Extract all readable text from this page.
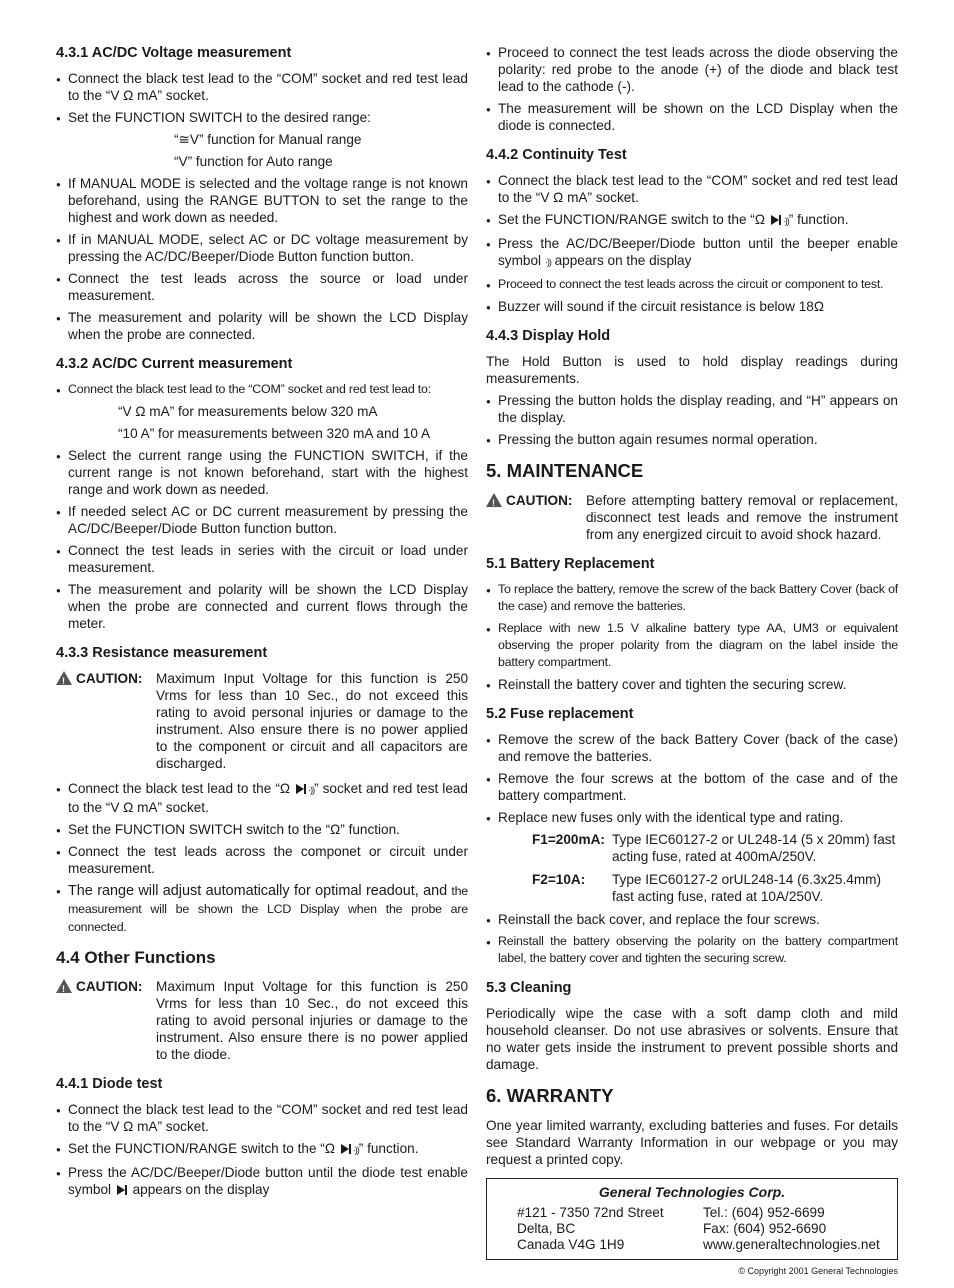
4.3.1 AC/DC Voltage measurement
● Connect the black test lead to the “COM” socket and red test lead to the “V Ω mA” socket.
● Set the FUNCTION SWITCH to the desired range:
“≅V” function for Manual range
“V” function for Auto range
● If MANUAL MODE is selected and the voltage range is not known beforehand, using the RANGE BUTTON to set the range to the highest and work down as needed.
● If in MANUAL MODE, select AC or DC voltage measurement by pressing the AC/DC/Beeper/Diode Button function button.
● Connect the test leads across the source or load under measurement.
● The measurement and polarity will be shown the LCD Display when the probe are connected.
4.3.2 AC/DC Current measurement
● Connect the black test lead to the “COM” socket and red test lead to:
“V Ω mA” for measurements below 320 mA
“10 A” for measurements between 320 mA and 10 A
● Select the current range using the FUNCTION SWITCH, if the current range is not known beforehand, start with the highest range and work down as needed.
● If needed select AC or DC current measurement by pressing the AC/DC/Beeper/Diode Button function button.
● Connect the test leads in series with the circuit or load under measurement.
● The measurement and polarity will be shown the LCD Display when the probe are connected and current flows through the meter.
4.3.3 Resistance measurement
!
CAUTION: Maximum Input Voltage for this function is 250 Vrms for less than 10 Sec., do not exceed this rating to avoid personal injuries or damage to the instrument. Also ensure there is no power applied to the component or circuit and all capacitors are discharged.
● Connect the black test lead to the “Ω ·))” socket and red test lead to the “V Ω mA” socket.
● Set the FUNCTION SWITCH switch to the “Ω” function.
● Connect the test leads across the componet or circuit under measurement.
● The range will adjust automatically for optimal readout, and the measurement will be shown the LCD Display when the probe are connected.
4.4 Other Functions
!
CAUTION: Maximum Input Voltage for this function is 250 Vrms for less than 10 Sec., do not exceed this rating to avoid personal injuries or damage to the instrument. Also ensure there is no power applied to the diode.
4.4.1 Diode test
● Connect the black test lead to the “COM” socket and red test lead to the “V Ω mA” socket.
● Set the FUNCTION/RANGE switch to the “Ω ·))” function.
● Press the AC/DC/Beeper/Diode button until the diode test enable symbol appears on the display
● Proceed to connect the test leads across the diode observing the polarity: red probe to the anode (+) of the diode and black test lead to the cathode (-).
● The measurement will be shown on the LCD Display when the diode is connected.
4.4.2 Continuity Test
● Connect the black test lead to the “COM” socket and red test lead to the “V Ω mA” socket.
● Set the FUNCTION/RANGE switch to the “Ω ·))” function.
● Press the AC/DC/Beeper/Diode button until the beeper enable symbol ·)) appears on the display
● Proceed to connect the test leads across the circuit or component to test.
● Buzzer will sound if the circuit resistance is below 18Ω
4.4.3 Display Hold

The Hold Button is used to hold display readings during measurements.

● Pressing the button holds the display reading, and “H” appears on the display.
● Pressing the button again resumes normal operation.
5. MAINTENANCE
!
CAUTION: Before attempting battery removal or replacement, disconnect test leads and remove the instrument from any energized circuit to avoid shock hazard.
5.1 Battery Replacement
● To replace the battery, remove the screw of the back Battery Cover (back of the case) and remove the batteries.
● Replace with new 1.5 V alkaline battery type AA, UM3 or equivalent observing the proper polarity from the diagram on the label inside the battery compartment.
● Reinstall the battery cover and tighten the securing screw.
5.2 Fuse replacement
● Remove the screw of the back Battery Cover (back of the case) and remove the batteries.
● Remove the four screws at the bottom of the case and of the battery compartment.
● Replace new fuses only with the identical type and rating.
F1=200mA: Type IEC60127-2 or UL248-14 (5 x 20mm) fast acting fuse, rated at 400mA/250V.
F2=10A:	Type IEC60127-2 orUL248-14 (6.3x25.4mm) fast acting fuse, rated at 10A/250V.
● Reinstall the back cover, and replace the four screws.
● Reinstall the battery observing the polarity on the battery compartment label, the battery cover and tighten the securing screw.
5.3 Cleaning

Periodically wipe the case with a soft damp cloth and mild household cleanser. Do not use abrasives or solvents. Ensure that no water gets inside the instrument to prevent possible shorts and damage.

6. WARRANTY

One year limited warranty, excluding batteries and fuses. For details see Standard Warranty Information in our webpage or you may request a printed copy.

General Technologies Corp.
#121 - 7350 72nd Street
Delta, BC
Canada V4G 1H9
Tel.: (604) 952-6699
Fax: (604) 952-6690
www.generaltechnologies.net
© Copyright 2001 General Technologies
